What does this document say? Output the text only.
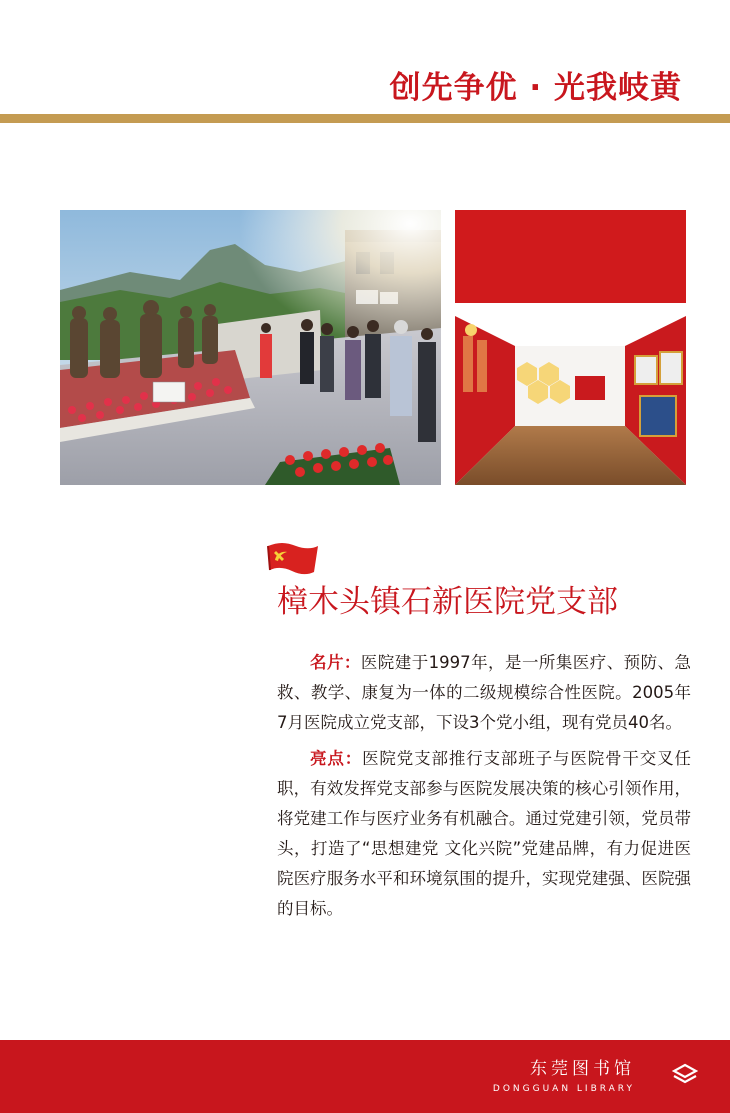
创先争优 · 光我岐黄
樟木头镇石新医院党支部

名片：医院建于1997年，是一所集医疗、预防、急救、教学、康复为一体的二级规模综合性医院。2005年7月医院成立党支部，下设3个党小组，现有党员40名。

亮点：医院党支部推行支部班子与医院骨干交叉任职，有效发挥党支部参与医院发展决策的核心引领作用，将党建工作与医疗业务有机融合。通过党建引领，党员带头，打造了“思想建党 文化兴院”党建品牌，有力促进医院医疗服务水平和环境氛围的提升，实现党建强、医院强的目标。

东莞图书馆
DONGGUAN LIBRARY
